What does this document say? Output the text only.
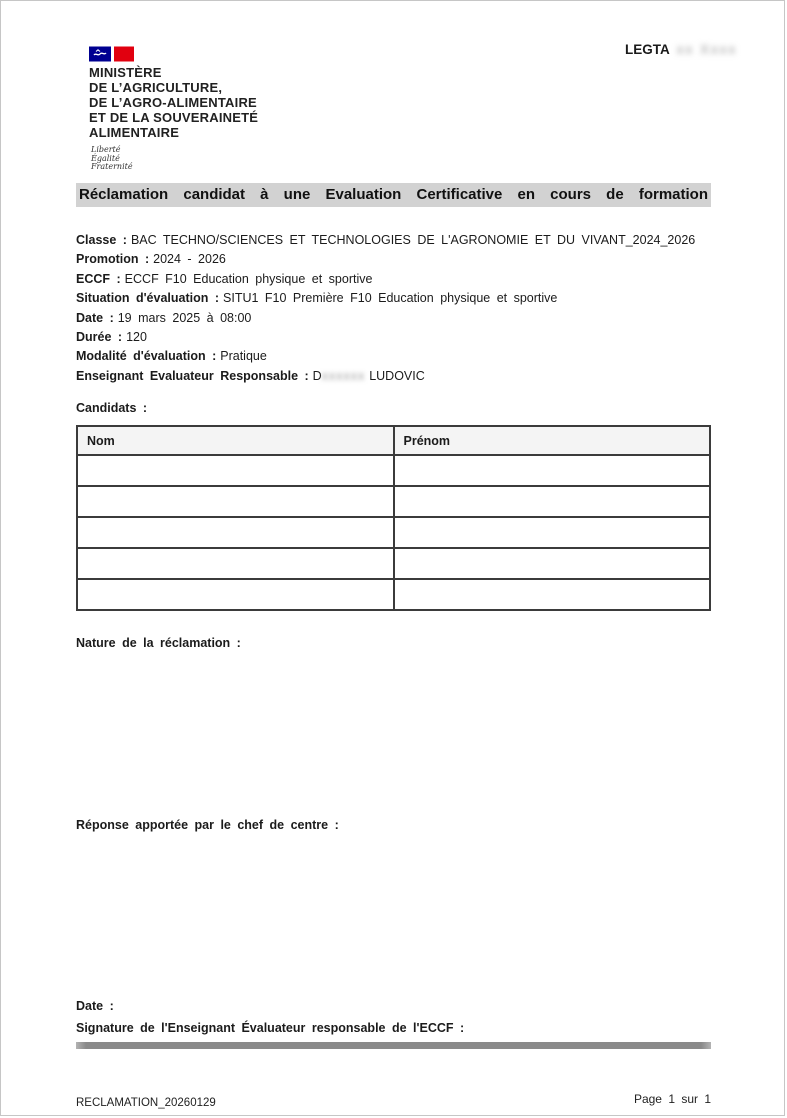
MINISTÈRE
DE L’AGRICULTURE,
DE L’AGRO-ALIMENTAIRE
ET DE LA SOUVERAINETÉ
ALIMENTAIRE
Liberté
Égalité
Fraternité
LEGTA xx Xxxx
Réclamation candidat à une Evaluation Certificative en cours de formation
Classe : BAC TECHNO/SCIENCES ET TECHNOLOGIES DE L'AGRONOMIE ET DU VIVANT_2024_2026
Promotion : 2024 - 2026
ECCF : ECCF F10 Education physique et sportive
Situation d'évaluation : SITU1 F10 Première F10 Education physique et sportive
Date : 19 mars 2025 à 08:00
Durée : 120
Modalité d'évaluation : Pratique
Enseignant Evaluateur Responsable : Dxxxxxx LUDOVIC
Candidats :
Nom	Prénom

Nature de la réclamation :
Réponse apportée par le chef de centre :
Date :
Signature de l'Enseignant Évaluateur responsable de l'ECCF :
RECLAMATION_20260129	Page 1 sur 1
